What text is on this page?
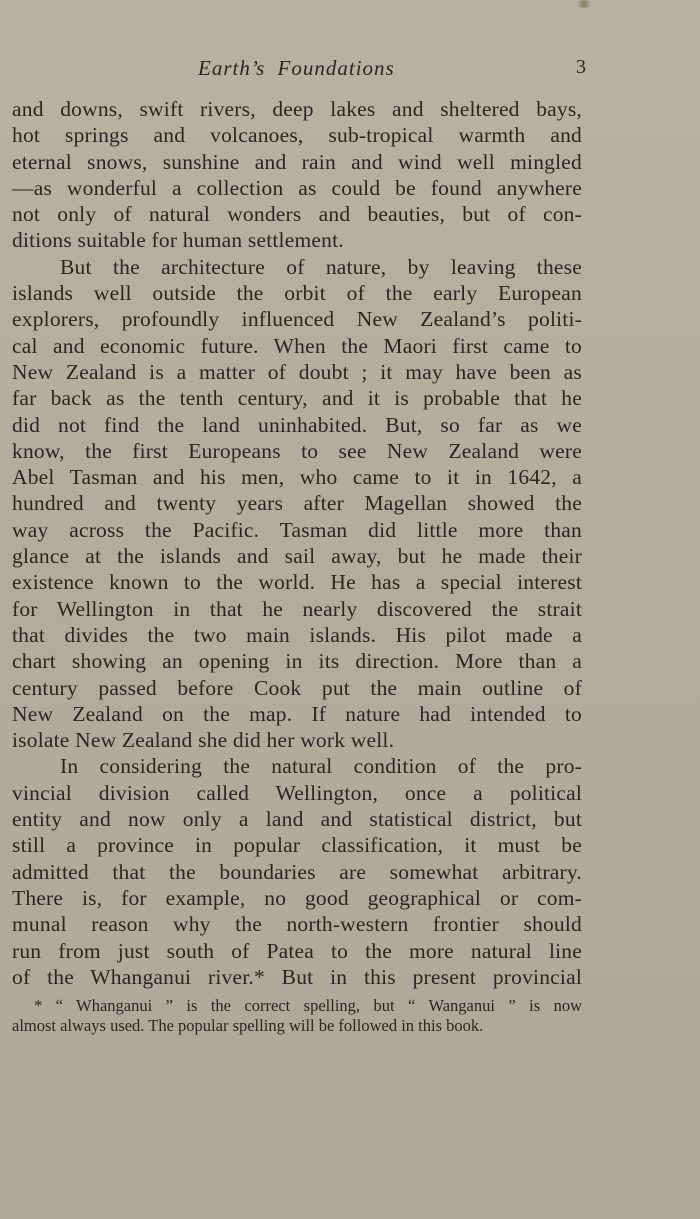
Earth’s Foundations	3

and downs, swift rivers, deep lakes and sheltered bays,

hot springs and volcanoes, sub-tropical warmth and

eternal snows, sunshine and rain and wind well mingled

—as wonderful a collection as could be found anywhere

not only of natural wonders and beauties, but of con-

ditions suitable for human settlement.

But the architecture of nature, by leaving these

islands well outside the orbit of the early European

explorers, profoundly influenced New Zealand’s politi-

cal and economic future. When the Maori first came to

New Zealand is a matter of doubt ; it may have been as

far back as the tenth century, and it is probable that he

did not find the land uninhabited. But, so far as we

know, the first Europeans to see New Zealand were

Abel Tasman and his men, who came to it in 1642, a

hundred and twenty years after Magellan showed the

way across the Pacific. Tasman did little more than

glance at the islands and sail away, but he made their

existence known to the world. He has a special interest

for Wellington in that he nearly discovered the strait

that divides the two main islands. His pilot made a

chart showing an opening in its direction. More than a

century passed before Cook put the main outline of

New Zealand on the map. If nature had intended to

isolate New Zealand she did her work well.

In considering the natural condition of the pro-

vincial division called Wellington, once a political

entity and now only a land and statistical district, but

still a province in popular classification, it must be

admitted that the boundaries are somewhat arbitrary.

There is, for example, no good geographical or com-

munal reason why the north-western frontier should

run from just south of Patea to the more natural line

of the Whanganui river.* But in this present provincial

* “ Whanganui ” is the correct spelling, but “ Wanganui ” is now

almost always used. The popular spelling will be followed in this book.
